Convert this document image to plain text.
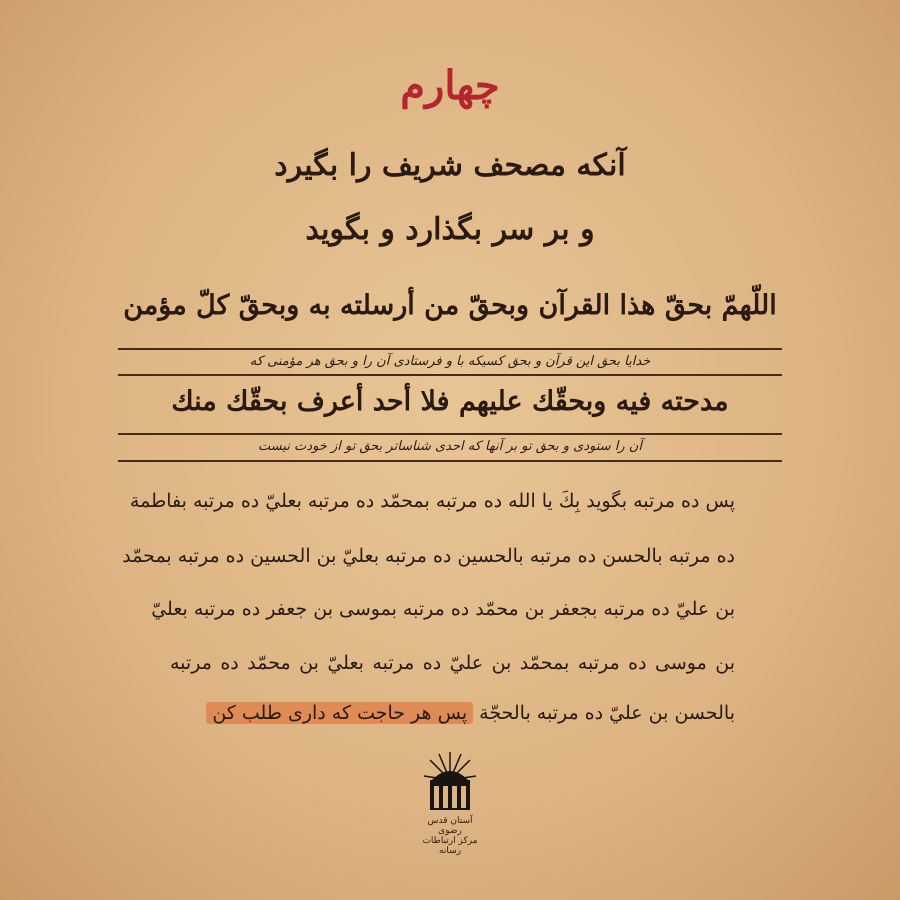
چهارم
آنکه مصحف شریف را بگیرد
و بر سر بگذارد و بگوید
اللّهمّ بحقّ هذا القرآن وبحقّ من أرسلته به وبحقّ كلّ مؤمن
خدایا بحق این قرآن و بحق کسیکه با و فرستادی آن را و بحق هر مؤمنی که
مدحته فيه وبحقّك عليهم فلا أحد أعرف بحقّك منك
آن را ستودی و بحق تو بر آنها که احدی شناساتر بحق تو از خودت نیست
پس ده مرتبه بگوید بِكَ يا الله ده مرتبه بمحمّد ده مرتبه بعليّ ده مرتبه بفاطمة
ده مرتبه بالحسن ده مرتبه بالحسين ده مرتبه بعليّ بن الحسين ده مرتبه بمحمّد
بن عليّ ده مرتبه بجعفر بن محمّد ده مرتبه بموسى بن جعفر ده مرتبه بعليّ
بن موسى ده مرتبه بمحمّد بن عليّ ده مرتبه بعليّ بن محمّد ده مرتبه
بالحسن بن عليّ ده مرتبه بالحجّة پس هر حاجت که داری طلب کن
آستان قدس رضوی
مرکز ارتباطات رسانه
